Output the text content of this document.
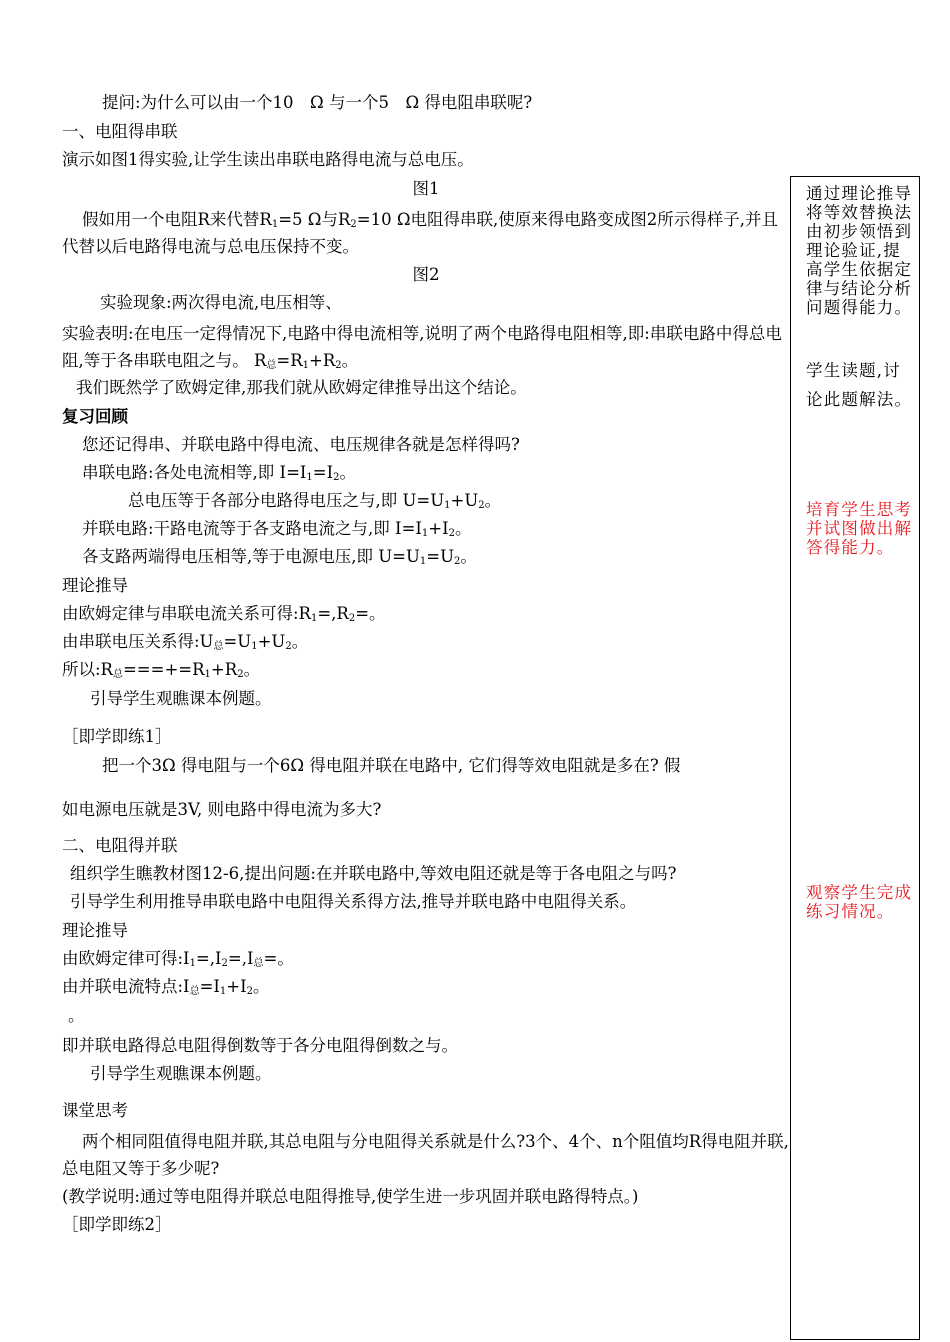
提问:为什么可以由一个10　Ω 与一个5　Ω 得电阻串联呢?
一、电阻得串联
演示如图1得实验,让学生读出串联电路得电流与总电压。
图1
假如用一个电阻R来代替$R_1=5$ Ω与$R_2=10$ Ω电阻得串联,使原来得电路变成图2所示得样子,并且代替以后电路得电流与总电压保持不变。
图2
实验现象:两次得电流,电压相等、
实验表明:在电压一定得情况下,电路中得电流相等,说明了两个电路得电阻相等,即:串联电路中得总电阻,等于各串联电阻之与。 $R_总=R_1+R_2$。
我们既然学了欧姆定律,那我们就从欧姆定律推导出这个结论。
复习回顾
您还记得串、并联电路中得电流、电压规律各就是怎样得吗?
串联电路:各处电流相等,即 $I=I_1=I_2$。
总电压等于各部分电路得电压之与,即 $U=U_1+U_2$。
并联电路:干路电流等于各支路电流之与,即 $I=I_1+I_2$。
各支路两端得电压相等,等于电源电压,即 $U=U_1=U_2$。
理论推导
由欧姆定律与串联电流关系可得$:R_1=,R_2=$。
由串联电压关系得$:U_总=U_1+U_2$。
所以$:R_总===+=R_1+R_2$。
引导学生观瞧课本例题。
［即学即练1］
把一个3Ω 得电阻与一个6Ω 得电阻并联在电路中, 它们得等效电阻就是多在? 假
如电源电压就是3V, 则电路中得电流为多大?
二、电阻得并联
组织学生瞧教材图12-6,提出问题:在并联电路中,等效电阻还就是等于各电阻之与吗?
引导学生利用推导串联电路中电阻得关系得方法,推导并联电路中电阻得关系。
理论推导
由欧姆定律可得$:I_1=,I_2=,I_总=$。
由并联电流特点$:I_总=I_1+I_2$。
。
即并联电路得总电阻得倒数等于各分电阻得倒数之与。
引导学生观瞧课本例题。
课堂思考
两个相同阻值得电阻并联,其总电阻与分电阻得关系就是什么?3个、4个、n个阻值均R得电阻并联,总电阻又等于多少呢?
(教学说明:通过等电阻得并联总电阻得推导,使学生进一步巩固并联电路得特点。)
［即学即练2］
通过理论推导将等效替换法由初步领悟到理论验证,提高学生依据定律与结论分析问题得能力。
学生读题,讨论此题解法。
培育学生思考并试图做出解答得能力。
观察学生完成练习情况。
